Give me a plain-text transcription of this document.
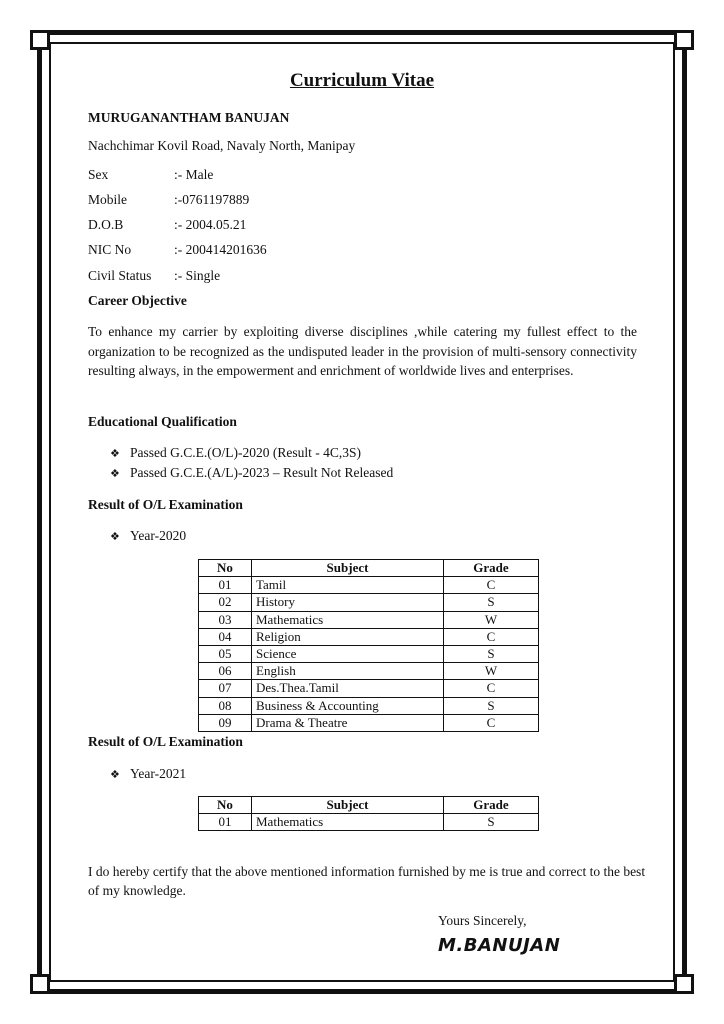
Curriculum Vitae
MURUGANANTHAM BANUJAN
Nachchimar Kovil Road, Navaly North, Manipay
Sex	:- Male
Mobile	:-0761197889
D.O.B	:- 2004.05.21
NIC No	:- 200414201636
Civil Status :- Single
Career Objective
To enhance my carrier by exploiting diverse disciplines ,while catering my fullest effect to the organization to be recognized as the undisputed leader in the provision of multi-sensory connectivity resulting always, in the empowerment and enrichment of worldwide lives and enterprises.
Educational Qualification
❖ Passed G.C.E.(O/L)-2020 (Result - 4C,3S)
❖ Passed G.C.E.(A/L)-2023 – Result Not Released
Result of O/L Examination
❖ Year-2020
No	Subject	Grade
01	Tamil	C
02	History	S
03	Mathematics	W
04	Religion	C
05	Science	S
06	English	W
07	Des.Thea.Tamil	C
08	Business & Accounting	S
09	Drama & Theatre	C
Result of O/L Examination
❖ Year-2021
No	Subject	Grade
01	Mathematics	S
I do hereby certify that the above mentioned information furnished by me is true and correct to the best of my knowledge.
Yours Sincerely,
M.BANUJAN
